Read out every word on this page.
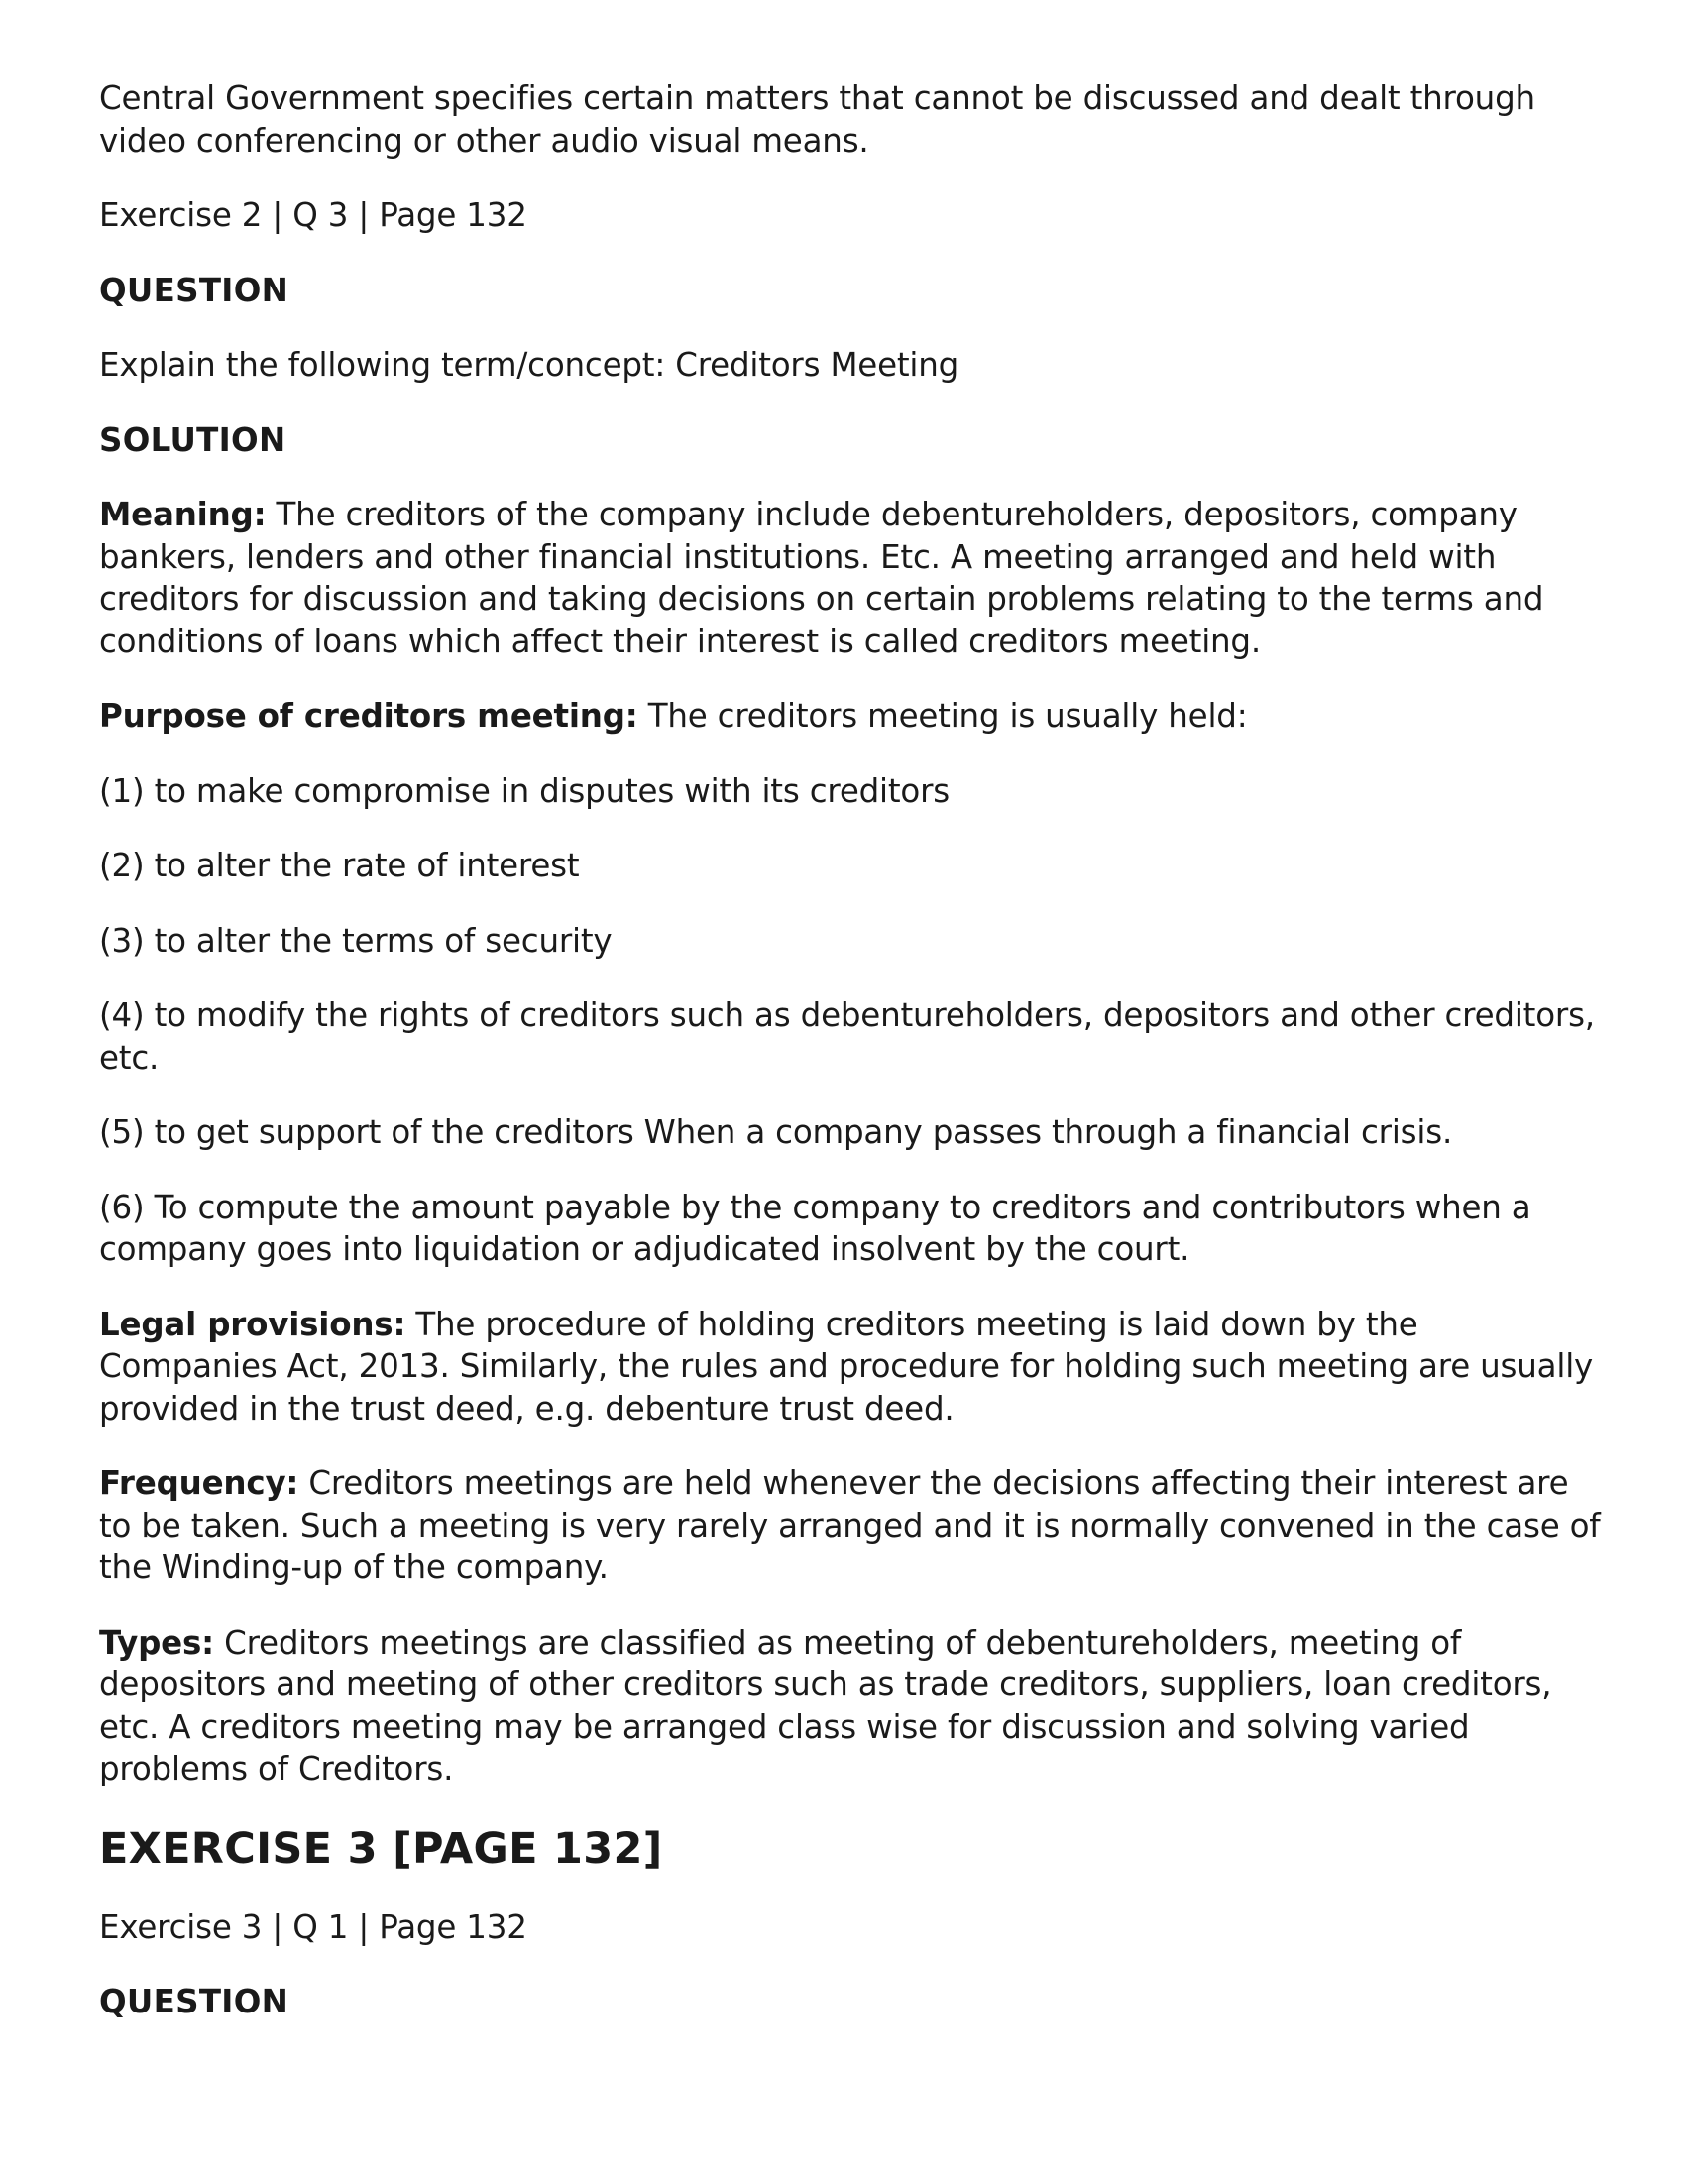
Central Government specifies certain matters that cannot be discussed and dealt through video conferencing or other audio visual means.

Exercise 2 | Q 3 | Page 132

QUESTION

Explain the following term/concept: Creditors Meeting

SOLUTION

Meaning: The creditors of the company include debentureholders, depositors, company bankers, lenders and other financial institutions. Etc. A meeting arranged and held with creditors for discussion and taking decisions on certain problems relating to the terms and conditions of loans which affect their interest is called creditors meeting.

Purpose of creditors meeting: The creditors meeting is usually held:

(1) to make compromise in disputes with its creditors

(2) to alter the rate of interest

(3) to alter the terms of security

(4) to modify the rights of creditors such as debentureholders, depositors and other creditors, etc.

(5) to get support of the creditors When a company passes through a financial crisis.

(6) To compute the amount payable by the company to creditors and contributors when a company goes into liquidation or adjudicated insolvent by the court.

Legal provisions: The procedure of holding creditors meeting is laid down by the Companies Act, 2013. Similarly, the rules and procedure for holding such meeting are usually provided in the trust deed, e.g. debenture trust deed.

Frequency: Creditors meetings are held whenever the decisions affecting their interest are to be taken. Such a meeting is very rarely arranged and it is normally convened in the case of the Winding-up of the company.

Types: Creditors meetings are classified as meeting of debentureholders, meeting of depositors and meeting of other creditors such as trade creditors, suppliers, loan creditors, etc. A creditors meeting may be arranged class wise for discussion and solving varied problems of Creditors.

EXERCISE 3 [PAGE 132]

Exercise 3 | Q 1 | Page 132

QUESTION
